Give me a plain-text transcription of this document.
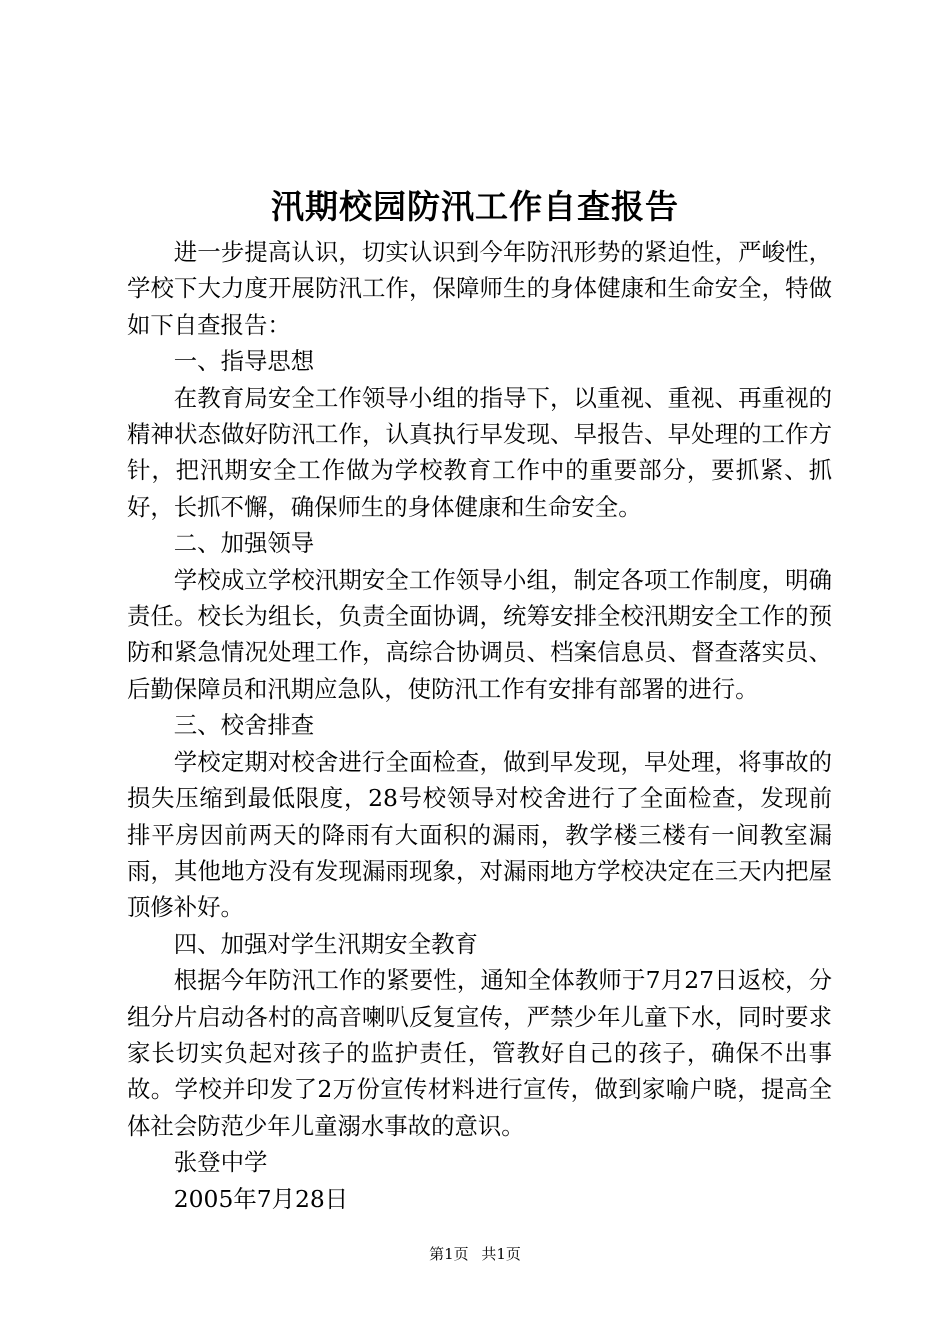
汛期校园防汛工作自查报告

进一步提高认识，切实认识到今年防汛形势的紧迫性，严峻性，学校下大力度开展防汛工作，保障师生的身体健康和生命安全，特做如下自查报告：

一、指导思想

在教育局安全工作领导小组的指导下，以重视、重视、再重视的精神状态做好防汛工作，认真执行早发现、早报告、早处理的工作方针，把汛期安全工作做为学校教育工作中的重要部分，要抓紧、抓好，长抓不懈，确保师生的身体健康和生命安全。

二、加强领导

学校成立学校汛期安全工作领导小组，制定各项工作制度，明确责任。校长为组长，负责全面协调，统筹安排全校汛期安全工作的预防和紧急情况处理工作，高综合协调员、档案信息员、督查落实员、后勤保障员和汛期应急队，使防汛工作有安排有部署的进行。

三、校舍排查

学校定期对校舍进行全面检查，做到早发现，早处理，将事故的损失压缩到最低限度，28号校领导对校舍进行了全面检查，发现前排平房因前两天的降雨有大面积的漏雨，教学楼三楼有一间教室漏雨，其他地方没有发现漏雨现象，对漏雨地方学校决定在三天内把屋顶修补好。

四、加强对学生汛期安全教育

根据今年防汛工作的紧要性，通知全体教师于7月27日返校，分组分片启动各村的高音喇叭反复宣传，严禁少年儿童下水，同时要求家长切实负起对孩子的监护责任，管教好自己的孩子，确保不出事故。学校并印发了2万份宣传材料进行宣传，做到家喻户晓，提高全体社会防范少年儿童溺水事故的意识。

张登中学

2005年7月28日

第1页 共1页
